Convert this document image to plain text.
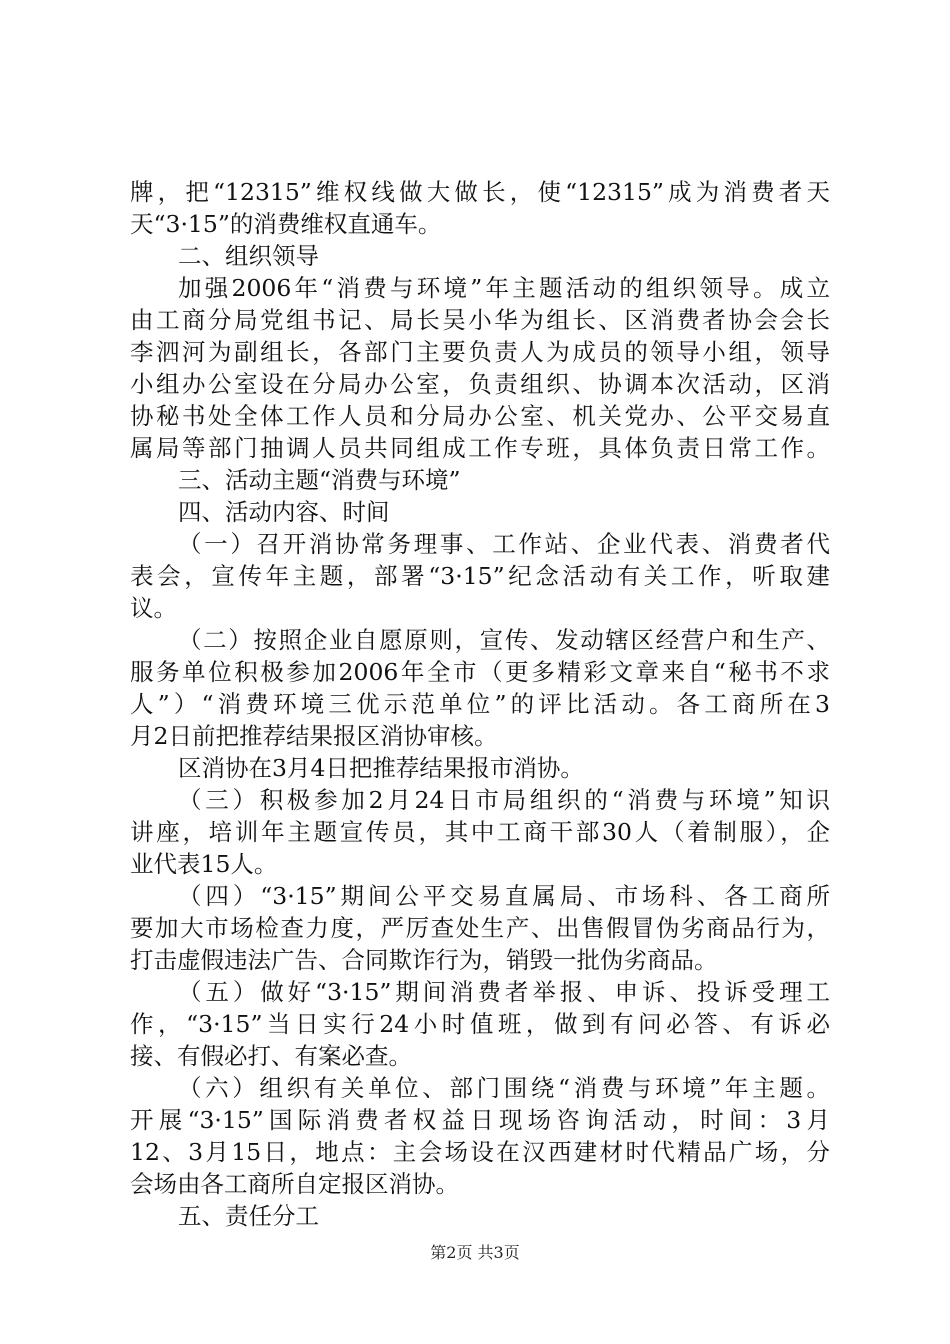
牌，把“12315”维权线做大做长，使“12315”成为消费者天
天“3·15”的消费维权直通车。
二、组织领导
加强2006年“消费与环境”年主题活动的组织领导。成立
由工商分局党组书记、局长吴小华为组长、区消费者协会会长
李泗河为副组长，各部门主要负责人为成员的领导小组，领导
小组办公室设在分局办公室，负责组织、协调本次活动，区消
协秘书处全体工作人员和分局办公室、机关党办、公平交易直
属局等部门抽调人员共同组成工作专班，具体负责日常工作。
三、活动主题“消费与环境”
四、活动内容、时间
（一）召开消协常务理事、工作站、企业代表、消费者代
表会，宣传年主题，部署“3·15”纪念活动有关工作，听取建
议。
（二）按照企业自愿原则，宣传、发动辖区经营户和生产、
服务单位积极参加2006年全市（更多精彩文章来自“秘书不求
人”）“消费环境三优示范单位”的评比活动。各工商所在3
月2日前把推荐结果报区消协审核。
区消协在3月4日把推荐结果报市消协。
（三）积极参加2月24日市局组织的“消费与环境”知识
讲座，培训年主题宣传员，其中工商干部30人（着制服），企
业代表15人。
（四）“3·15”期间公平交易直属局、市场科、各工商所
要加大市场检查力度，严厉查处生产、出售假冒伪劣商品行为，
打击虚假违法广告、合同欺诈行为，销毁一批伪劣商品。
（五）做好“3·15”期间消费者举报、申诉、投诉受理工
作，“3·15”当日实行24小时值班，做到有问必答、有诉必
接、有假必打、有案必查。
（六）组织有关单位、部门围绕“消费与环境”年主题。
开展“3·15”国际消费者权益日现场咨询活动，时间：3月
12、3月15日，地点：主会场设在汉西建材时代精品广场，分
会场由各工商所自定报区消协。
五、责任分工
第2页 共3页
